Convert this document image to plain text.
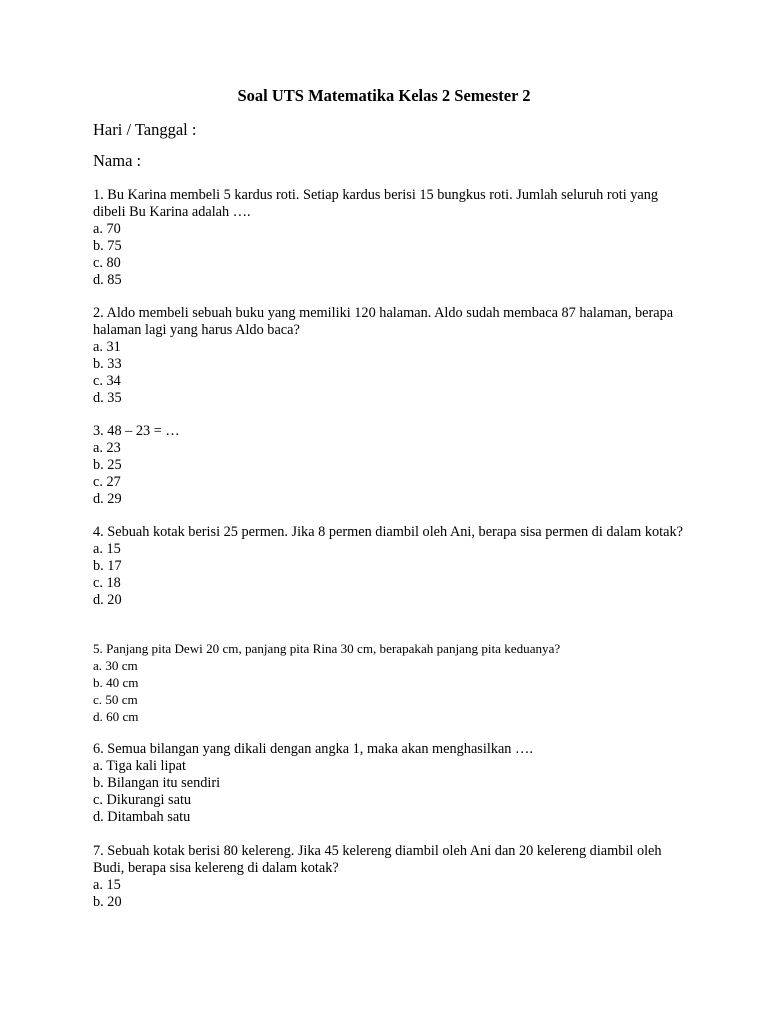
Soal UTS Matematika Kelas 2 Semester 2

Hari / Tanggal :

Nama :

1. Bu Karina membeli 5 kardus roti. Setiap kardus berisi 15 bungkus roti. Jumlah seluruh roti yang dibeli Bu Karina adalah ….

a. 70
b. 75
c. 80
d. 85

2. Aldo membeli sebuah buku yang memiliki 120 halaman. Aldo sudah membaca 87 halaman, berapa halaman lagi yang harus Aldo baca?

a. 31
b. 33
c. 34
d. 35

3. 48 – 23 = …

a. 23
b. 25
c. 27
d. 29

4. Sebuah kotak berisi 25 permen. Jika 8 permen diambil oleh Ani, berapa sisa permen di dalam kotak?

a. 15
b. 17
c. 18
d. 20

5. Panjang pita Dewi 20 cm, panjang pita Rina 30 cm, berapakah panjang pita keduanya?

a. 30 cm
b. 40 cm
c. 50 cm
d. 60 cm

6. Semua bilangan yang dikali dengan angka 1, maka akan menghasilkan ….

a. Tiga kali lipat
b. Bilangan itu sendiri
c. Dikurangi satu
d. Ditambah satu

7. Sebuah kotak berisi 80 kelereng. Jika 45 kelereng diambil oleh Ani dan 20 kelereng diambil oleh Budi, berapa sisa kelereng di dalam kotak?

a. 15
b. 20
